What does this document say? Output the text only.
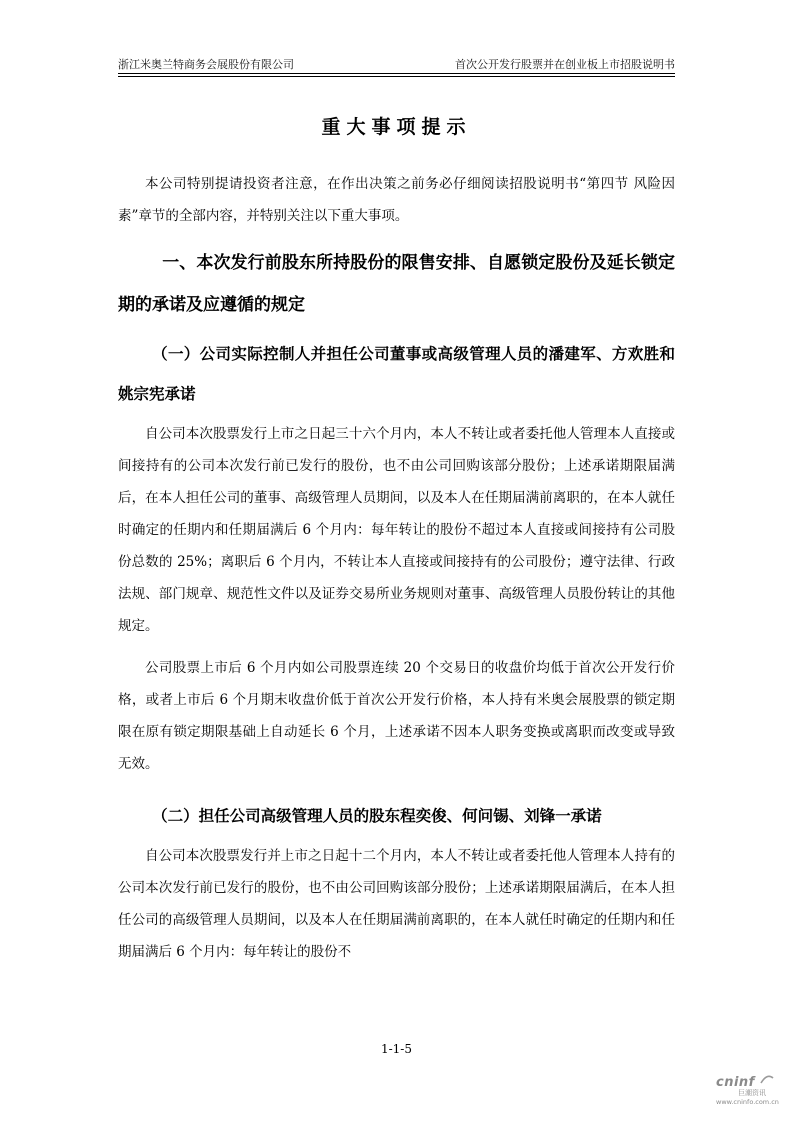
浙江米奥兰特商务会展股份有限公司	首次公开发行股票并在创业板上市招股说明书
重大事项提示

本公司特别提请投资者注意，在作出决策之前务必仔细阅读招股说明书“第四节 风险因素”章节的全部内容，并特别关注以下重大事项。

一、本次发行前股东所持股份的限售安排、自愿锁定股份及延长锁定期的承诺及应遵循的规定

（一）公司实际控制人并担任公司董事或高级管理人员的潘建军、方欢胜和姚宗宪承诺

自公司本次股票发行上市之日起三十六个月内，本人不转让或者委托他人管理本人直接或间接持有的公司本次发行前已发行的股份，也不由公司回购该部分股份；上述承诺期限届满后，在本人担任公司的董事、高级管理人员期间，以及本人在任期届满前离职的，在本人就任时确定的任期内和任期届满后 6 个月内：每年转让的股份不超过本人直接或间接持有公司股份总数的 25%；离职后 6 个月内，不转让本人直接或间接持有的公司股份；遵守法律、行政法规、部门规章、规范性文件以及证券交易所业务规则对董事、高级管理人员股份转让的其他规定。

公司股票上市后 6 个月内如公司股票连续 20 个交易日的收盘价均低于首次公开发行价格，或者上市后 6 个月期末收盘价低于首次公开发行价格，本人持有米奥会展股票的锁定期限在原有锁定期限基础上自动延长 6 个月，上述承诺不因本人职务变换或离职而改变或导致无效。

（二）担任公司高级管理人员的股东程奕俊、何问锡、刘锋一承诺

自公司本次股票发行并上市之日起十二个月内，本人不转让或者委托他人管理本人持有的公司本次发行前已发行的股份，也不由公司回购该部分股份；上述承诺期限届满后，在本人担任公司的高级管理人员期间，以及本人在任期届满前离职的，在本人就任时确定的任期内和任期届满后 6 个月内：每年转让的股份不

1-1-5
cninf
巨潮资讯
www.cninfo.com.cn
